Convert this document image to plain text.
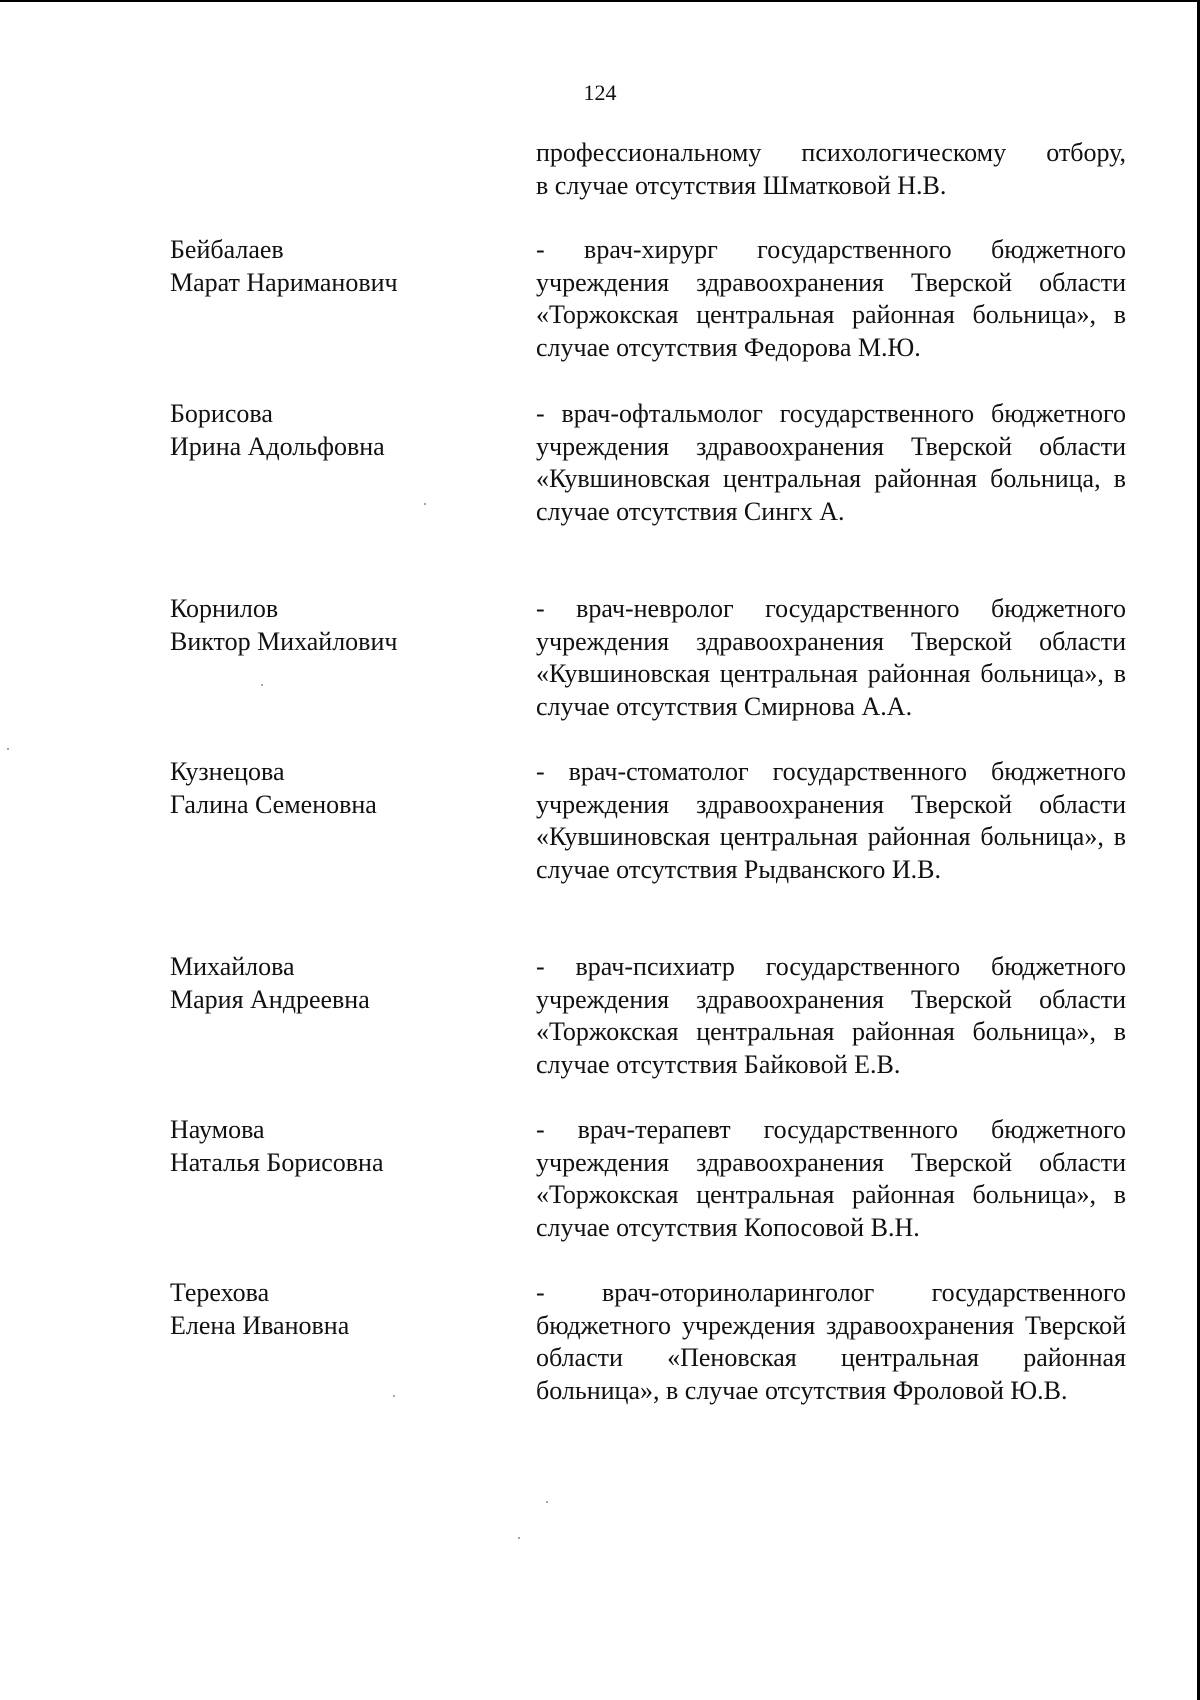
124
профессиональному психологическому отбору,
в случае отсутствия Шматковой Н.В.
Бейбалаев
Марат Нариманович
- врач-хирург государственного бюджетного учреждения здравоохранения Тверской области «Торжокская центральная районная больница», в случае отсутствия Федорова М.Ю.
Борисова
Ирина Адольфовна
- врач-офтальмолог государственного бюджетного учреждения здравоохранения Тверской области «Кувшиновская центральная районная больница, в случае отсутствия Сингх А.
Корнилов
Виктор Михайлович
- врач-невролог государственного бюджетного учреждения здравоохранения Тверской области «Кувшиновская центральная районная больница», в случае отсутствия Смирнова А.А.
Кузнецова
Галина Семеновна
- врач-стоматолог государственного бюджетного учреждения здравоохранения Тверской области «Кувшиновская центральная районная больница», в случае отсутствия Рыдванского И.В.
Михайлова
Мария Андреевна
- врач-психиатр государственного бюджетного учреждения здравоохранения Тверской области «Торжокская центральная районная больница», в случае отсутствия Байковой Е.В.
Наумова
Наталья Борисовна
- врач-терапевт государственного бюджетного учреждения здравоохранения Тверской области «Торжокская центральная районная больница», в случае отсутствия Копосовой В.Н.
Терехова
Елена Ивановна
- врач-оториноларинголог государственного бюджетного учреждения здравоохранения Тверской области «Пеновская центральная районная больница», в случае отсутствия Фроловой Ю.В.
